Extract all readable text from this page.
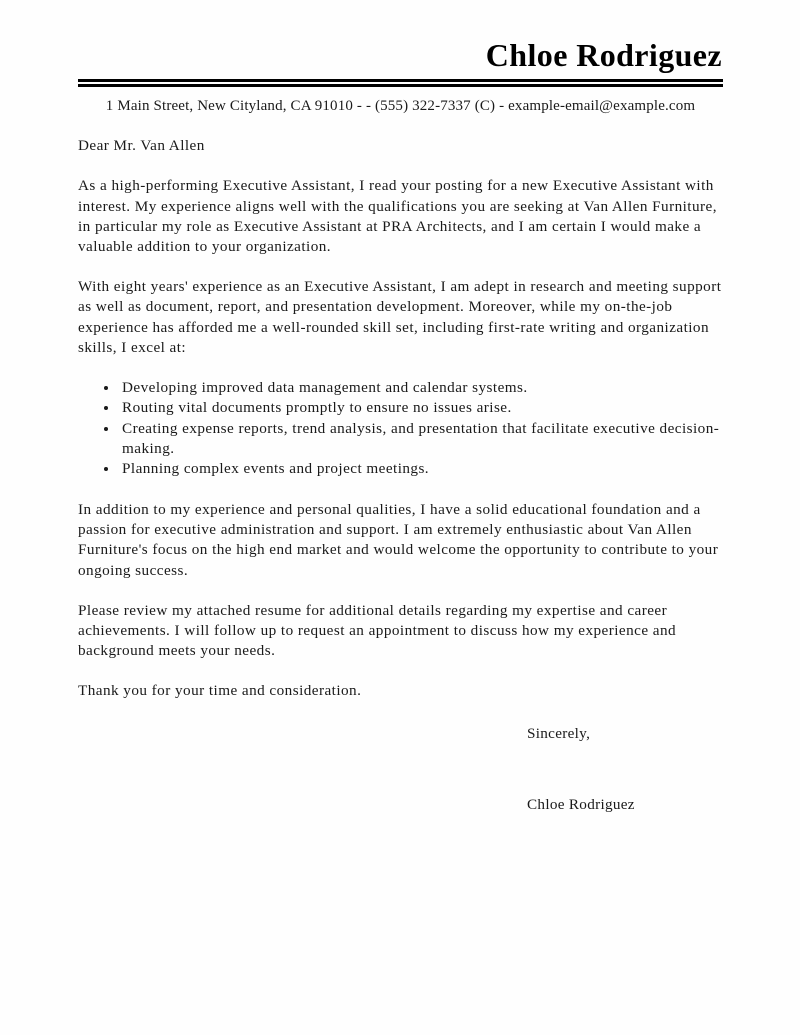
Chloe Rodriguez
1 Main Street, New Cityland, CA 91010 - - (555) 322-7337 (C) - example-email@example.com

Dear Mr. Van Allen

As a high-performing Executive Assistant, I read your posting for a new Executive Assistant with interest. My experience aligns well with the qualifications you are seeking at Van Allen Furniture, in particular my role as Executive Assistant at PRA Architects, and I am certain I would make a valuable addition to your organization.

With eight years' experience as an Executive Assistant, I am adept in research and meeting support as well as document, report, and presentation development. Moreover, while my on-the-job experience has afforded me a well-rounded skill set, including first-rate writing and organization skills, I excel at:

Developing improved data management and calendar systems.
Routing vital documents promptly to ensure no issues arise.
Creating expense reports, trend analysis, and presentation that facilitate executive decision-making.
Planning complex events and project meetings.

In addition to my experience and personal qualities, I have a solid educational foundation and a passion for executive administration and support. I am extremely enthusiastic about Van Allen Furniture's focus on the high end market and would welcome the opportunity to contribute to your ongoing success.

Please review my attached resume for additional details regarding my expertise and career achievements. I will follow up to request an appointment to discuss how my experience and background meets your needs.

Thank you for your time and consideration.

Sincerely,

Chloe Rodriguez
